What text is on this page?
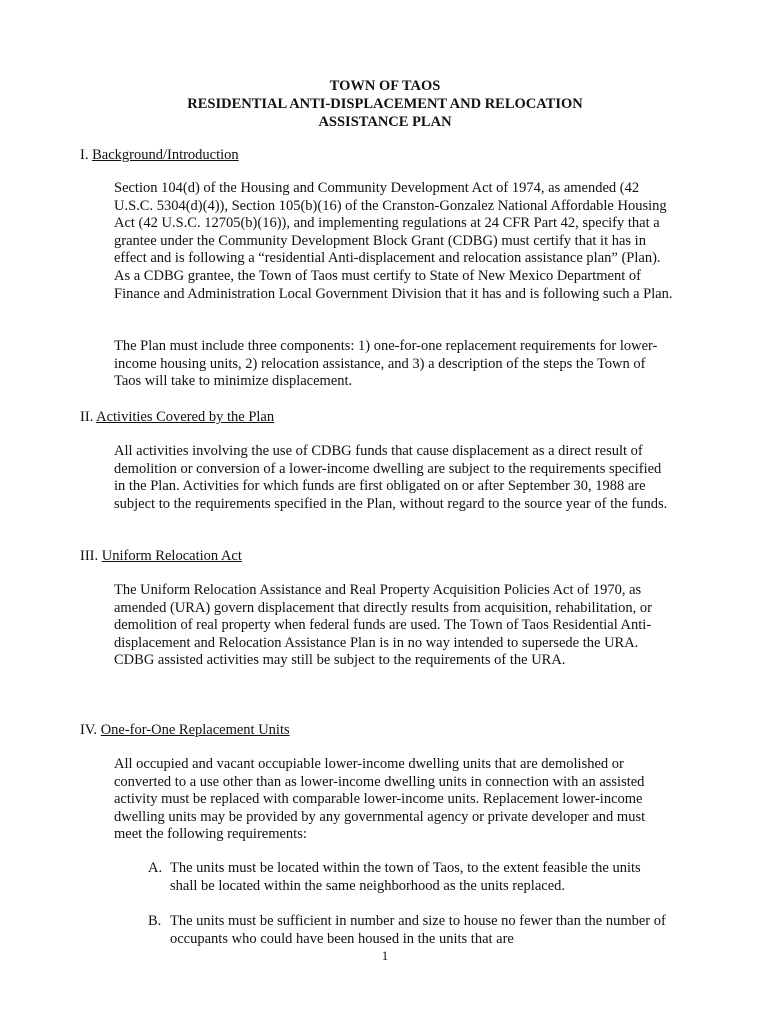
TOWN OF TAOS
RESIDENTIAL ANTI-DISPLACEMENT AND RELOCATION
ASSISTANCE PLAN
I. Background/Introduction
Section 104(d) of the Housing and Community Development Act of 1974, as amended (42 U.S.C. 5304(d)(4)), Section 105(b)(16) of the Cranston-Gonzalez National Affordable Housing Act (42 U.S.C. 12705(b)(16)), and implementing regulations at 24 CFR Part 42, specify that a grantee under the Community Development Block Grant (CDBG) must certify that it has in effect and is following a “residential Anti-displacement and relocation assistance plan” (Plan). As a CDBG grantee, the Town of Taos must certify to State of New Mexico Department of Finance and Administration Local Government Division that it has and is following such a Plan.
The Plan must include three components: 1) one-for-one replacement requirements for lower-income housing units, 2) relocation assistance, and 3) a description of the steps the Town of Taos will take to minimize displacement.
II. Activities Covered by the Plan
All activities involving the use of CDBG funds that cause displacement as a direct result of demolition or conversion of a lower-income dwelling are subject to the requirements specified in the Plan. Activities for which funds are first obligated on or after September 30, 1988 are subject to the requirements specified in the Plan, without regard to the source year of the funds.
III. Uniform Relocation Act
The Uniform Relocation Assistance and Real Property Acquisition Policies Act of 1970, as amended (URA) govern displacement that directly results from acquisition, rehabilitation, or demolition of real property when federal funds are used. The Town of Taos Residential Anti-displacement and Relocation Assistance Plan is in no way intended to supersede the URA. CDBG assisted activities may still be subject to the requirements of the URA.
IV. One-for-One Replacement Units
All occupied and vacant occupiable lower-income dwelling units that are demolished or converted to a use other than as lower-income dwelling units in connection with an assisted activity must be replaced with comparable lower-income units. Replacement lower-income dwelling units may be provided by any governmental agency or private developer and must meet the following requirements:
A. The units must be located within the town of Taos, to the extent feasible the units shall be located within the same neighborhood as the units replaced.
B. The units must be sufficient in number and size to house no fewer than the number of occupants who could have been housed in the units that are
1
